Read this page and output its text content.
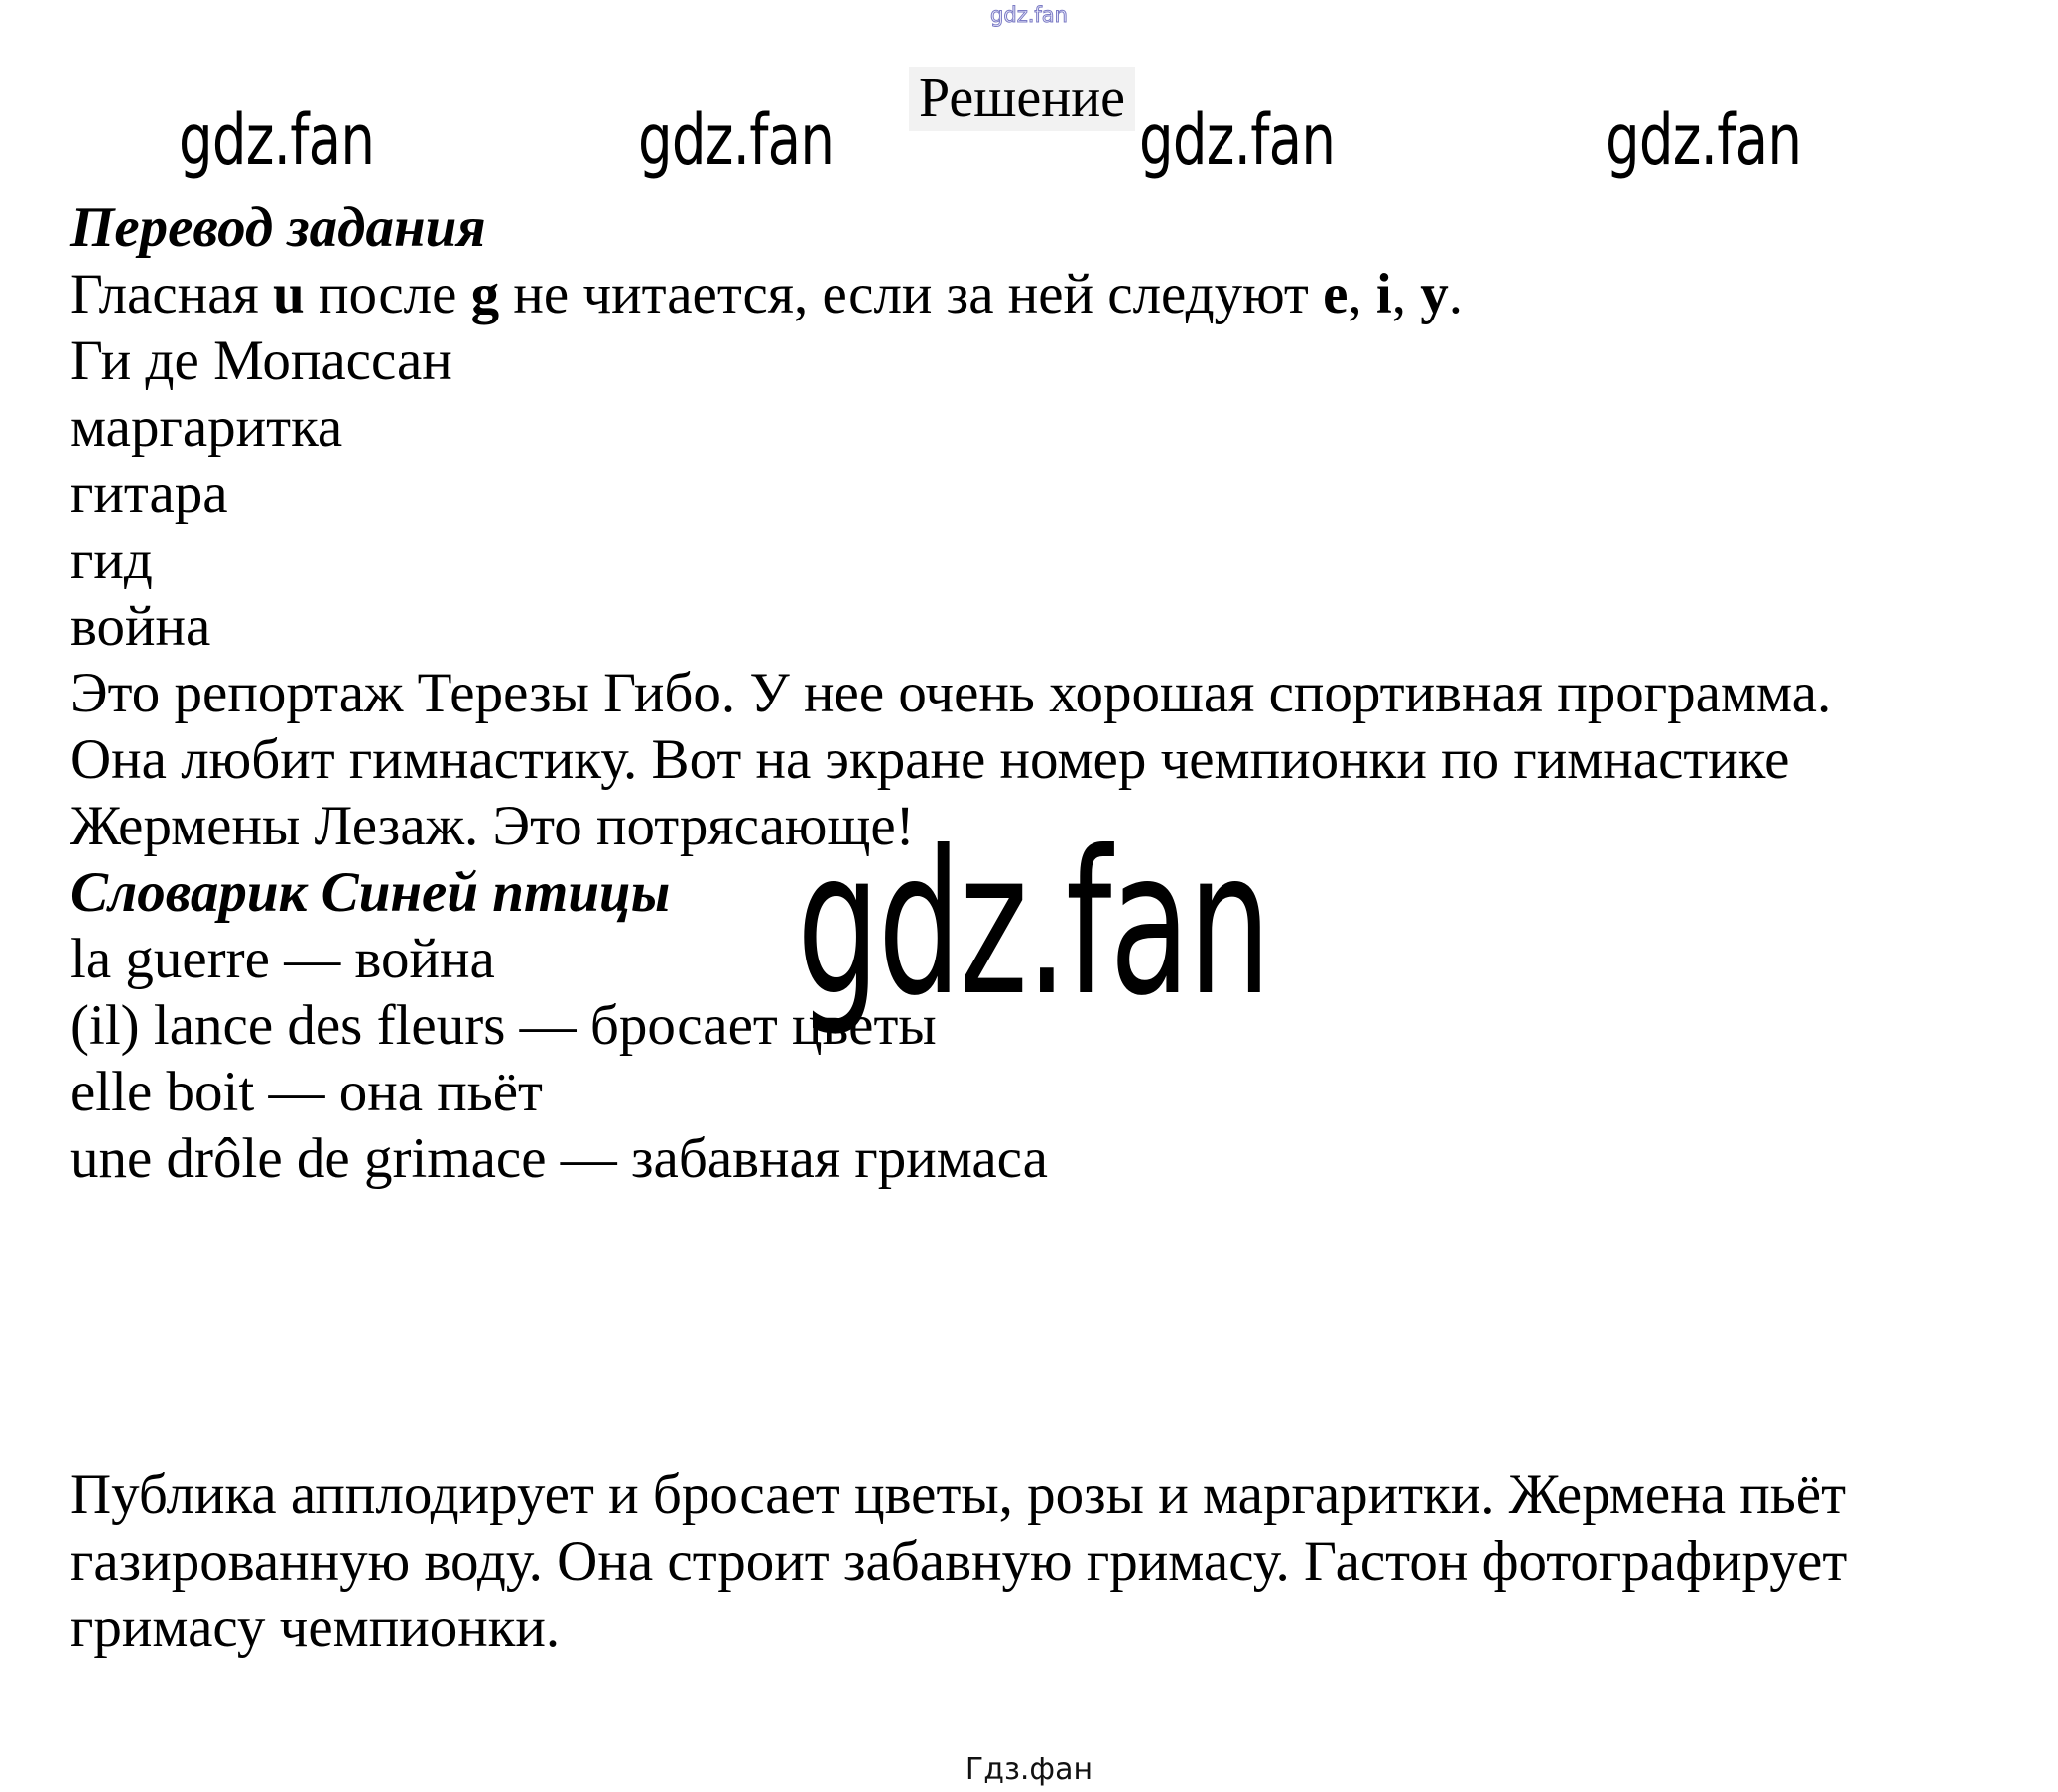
gdz.fan
Решение
gdz.fan	gdz.fan	gdz.fan	gdz.fan
Перевод задания
Гласная u после g не читается, если за ней следуют e, i, y.
Ги де Мопассан
маргаритка
гитара
гид
война
Это репортаж Терезы Гибо. У нее очень хорошая спортивная программа.
Она любит гимнастику. Вот на экране номер чемпионки по гимнастике
Жермены Лезаж. Это потрясающе!
Словарик Синей птицы
la guerre — война
(il) lance des fleurs — бросает цветы
elle boit — она пьёт
une drôle de grimace — забавная гримаса
Публика апплодирует и бросает цветы, розы и маргаритки. Жермена пьёт
газированную воду. Она строит забавную гримасу. Гастон фотографирует
гримасу чемпионки.
gdz.fan
Гдз.фан
